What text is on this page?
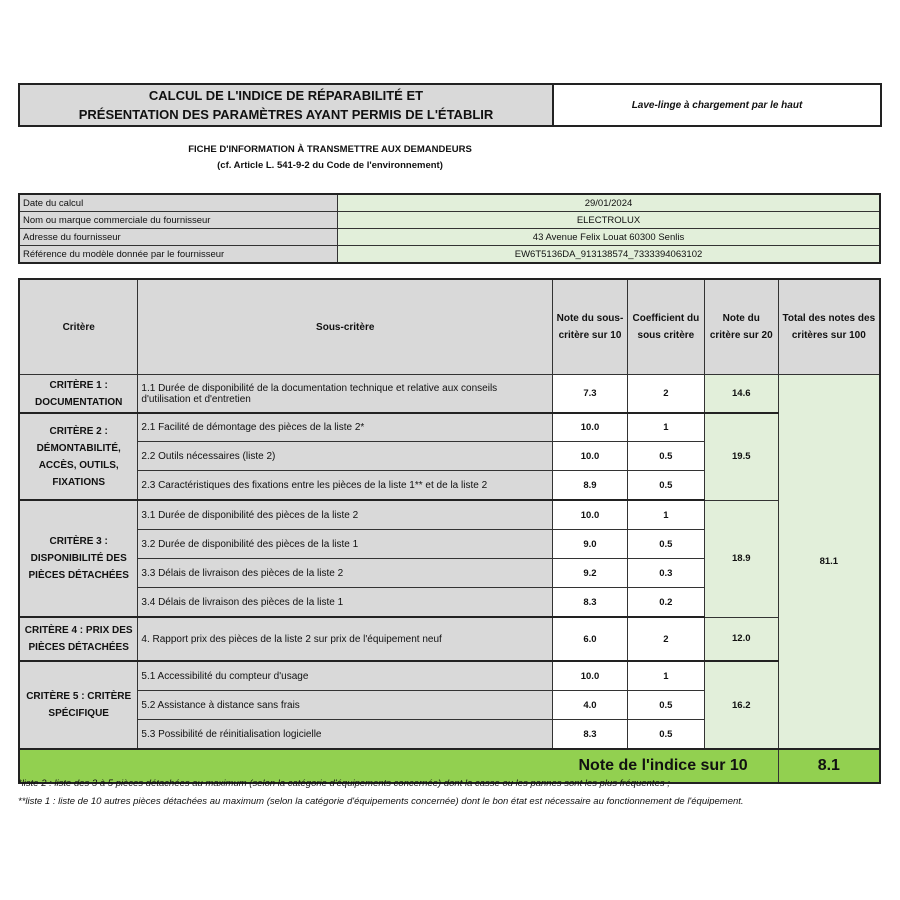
CALCUL DE L'INDICE DE RÉPARABILITÉ ET
PRÉSENTATION DES PARAMÈTRES AYANT PERMIS DE L'ÉTABLIR
Lave-linge à chargement par le haut
FICHE D'INFORMATION À TRANSMETTRE AUX DEMANDEURS
(cf. Article L. 541-9-2 du Code de l'environnement)
Date du calcul	29/01/2024
Nom ou marque commerciale du fournisseur	ELECTROLUX
Adresse du fournisseur	43 Avenue Felix Louat 60300 Senlis
Référence du modèle donnée par le fournisseur	EW6T5136DA_913138574_7333394063102
Critère	Sous-critère	Note du sous-critère sur 10	Coefficient du sous critère	Note du critère sur 20	Total des notes des critères sur 100
CRITÈRE 1 : DOCUMENTATION	1.1 Durée de disponibilité de la documentation technique et relative aux conseils d'utilisation et d'entretien	7.3	2	14.6	81.1
CRITÈRE 2 : DÉMONTABILITÉ, ACCÈS, OUTILS, FIXATIONS	2.1 Facilité de démontage des pièces de la liste 2*	10.0	1	19.5	
	2.2 Outils nécessaires (liste 2)	10.0	0.5		
	2.3 Caractéristiques des fixations entre les pièces de la liste 1** et de la liste 2	8.9	0.5		
CRITÈRE 3 : DISPONIBILITÉ DES PIÈCES DÉTACHÉES	3.1 Durée de disponibilité des pièces de la liste 2	10.0	1	18.9	
	3.2 Durée de disponibilité des pièces de la liste 1	9.0	0.5		
	3.3 Délais de livraison des pièces de la liste 2	9.2	0.3		
	3.4 Délais de livraison des pièces de la liste 1	8.3	0.2		
CRITÈRE 4 : PRIX DES PIÈCES DÉTACHÉES	4. Rapport prix des pièces de la liste 2 sur prix de l'équipement neuf	6.0	2	12.0	
CRITÈRE 5 : CRITÈRE SPÉCIFIQUE	5.1 Accessibilité du compteur d'usage	10.0	1	16.2	
	5.2 Assistance à distance sans frais	4.0	0.5		
	5.3 Possibilité de réinitialisation logicielle	8.3	0.5		
Note de l'indice sur 10					8.1
*liste 2 : liste des 3 à 5 pièces détachées au maximum (selon la catégorie d'équipements concernée) dont la casse ou les pannes sont les plus fréquentes ;
**liste 1 : liste de 10 autres pièces détachées au maximum (selon la catégorie d'équipements concernée) dont le bon état est nécessaire au fonctionnement de l'équipement.
